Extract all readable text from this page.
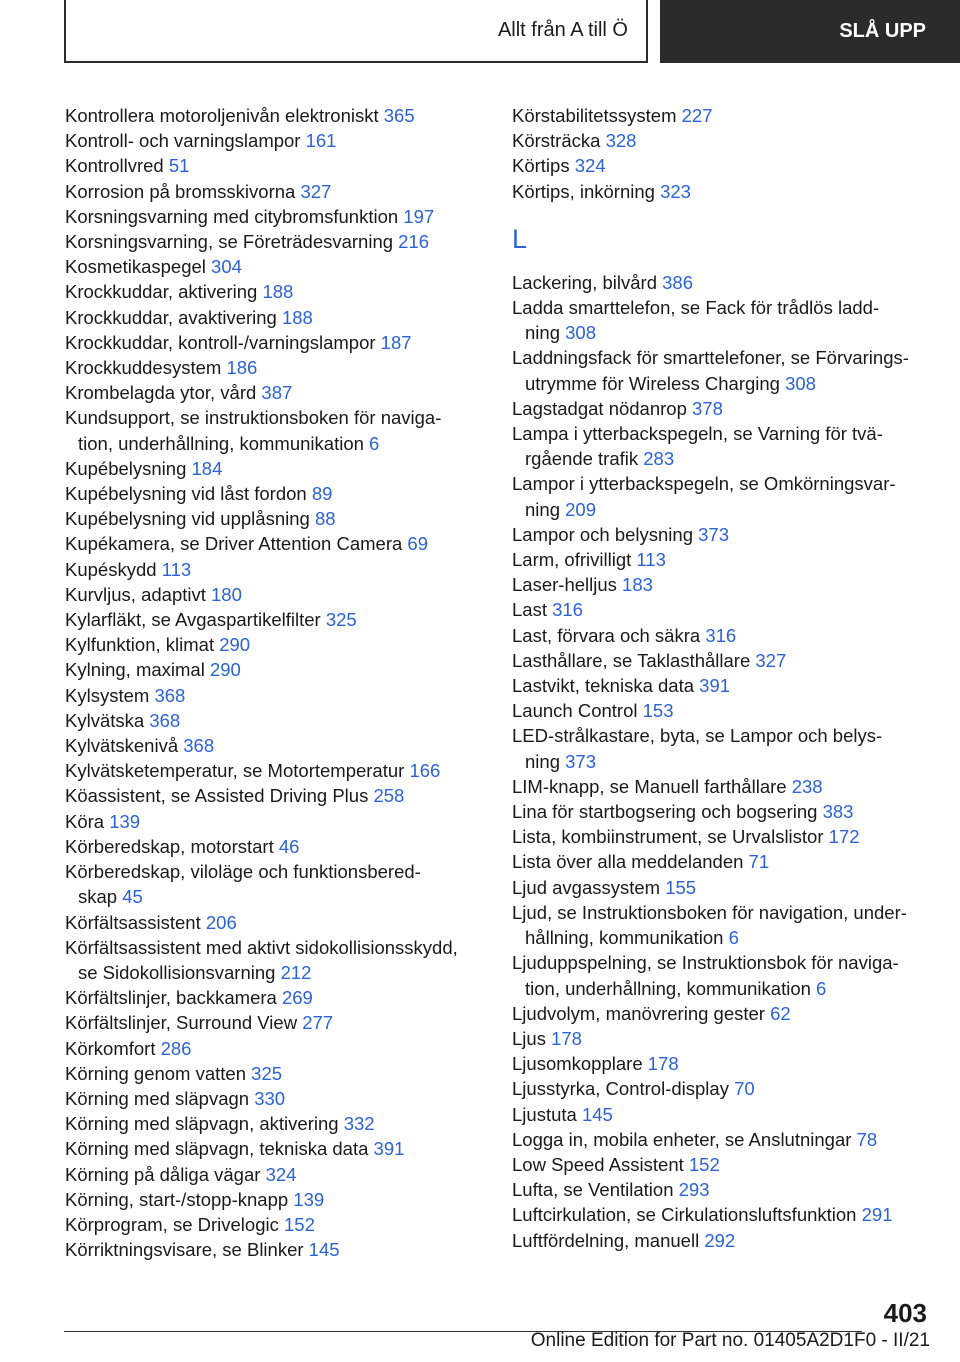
Allt från A till Ö	SLÅ UPP
Kontrollera motoroljenivån elektroniskt 365
Kontroll- och varningslampor 161
Kontrollvred 51
Korrosion på bromsskivorna 327
Korsningsvarning med citybromsfunktion 197
Korsningsvarning, se Företrädesvarning 216
Kosmetikaspegel 304
Krockkuddar, aktivering 188
Krockkuddar, avaktivering 188
Krockkuddar, kontroll-/varningslampor 187
Krockkuddesystem 186
Krombelagda ytor, vård 387
Kundsupport, se instruktionsboken för naviga-
tion, underhållning, kommunikation 6
Kupébelysning 184
Kupébelysning vid låst fordon 89
Kupébelysning vid upplåsning 88
Kupékamera, se Driver Attention Camera 69
Kupéskydd 113
Kurvljus, adaptivt 180
Kylarfläkt, se Avgaspartikelfilter 325
Kylfunktion, klimat 290
Kylning, maximal 290
Kylsystem 368
Kylvätska 368
Kylvätskenivå 368
Kylvätsketemperatur, se Motortemperatur 166
Köassistent, se Assisted Driving Plus 258
Köra 139
Körberedskap, motorstart 46
Körberedskap, viloläge och funktionsbered-
skap 45
Körfältsassistent 206
Körfältsassistent med aktivt sidokollisionsskydd,
se Sidokollisionsvarning 212
Körfältslinjer, backkamera 269
Körfältslinjer, Surround View 277
Körkomfort 286
Körning genom vatten 325
Körning med släpvagn 330
Körning med släpvagn, aktivering 332
Körning med släpvagn, tekniska data 391
Körning på dåliga vägar 324
Körning, start-/stopp-knapp 139
Körprogram, se Drivelogic 152
Körriktningsvisare, se Blinker 145
Körstabilitetssystem 227
Körsträcka 328
Körtips 324
Körtips, inkörning 323
L
Lackering, bilvård 386
Ladda smarttelefon, se Fack för trådlös ladd-
ning 308
Laddningsfack för smarttelefoner, se Förvarings-
utrymme för Wireless Charging 308
Lagstadgat nödanrop 378
Lampa i ytterbackspegeln, se Varning för tvä-
rgående trafik 283
Lampor i ytterbackspegeln, se Omkörningsvar-
ning 209
Lampor och belysning 373
Larm, ofrivilligt 113
Laser-helljus 183
Last 316
Last, förvara och säkra 316
Lasthållare, se Taklasthållare 327
Lastvikt, tekniska data 391
Launch Control 153
LED-strålkastare, byta, se Lampor och belys-
ning 373
LIM-knapp, se Manuell farthållare 238
Lina för startbogsering och bogsering 383
Lista, kombiinstrument, se Urvalslistor 172
Lista över alla meddelanden 71
Ljud avgassystem 155
Ljud, se Instruktionsboken för navigation, under-
hållning, kommunikation 6
Ljuduppspelning, se Instruktionsbok för naviga-
tion, underhållning, kommunikation 6
Ljudvolym, manövrering gester 62
Ljus 178
Ljusomkopplare 178
Ljusstyrka, Control-display 70
Ljustuta 145
Logga in, mobila enheter, se Anslutningar 78
Low Speed Assistent 152
Lufta, se Ventilation 293
Luftcirkulation, se Cirkulationsluftsfunktion 291
Luftfördelning, manuell 292
403
Online Edition for Part no. 01405A2D1F0 - II/21
